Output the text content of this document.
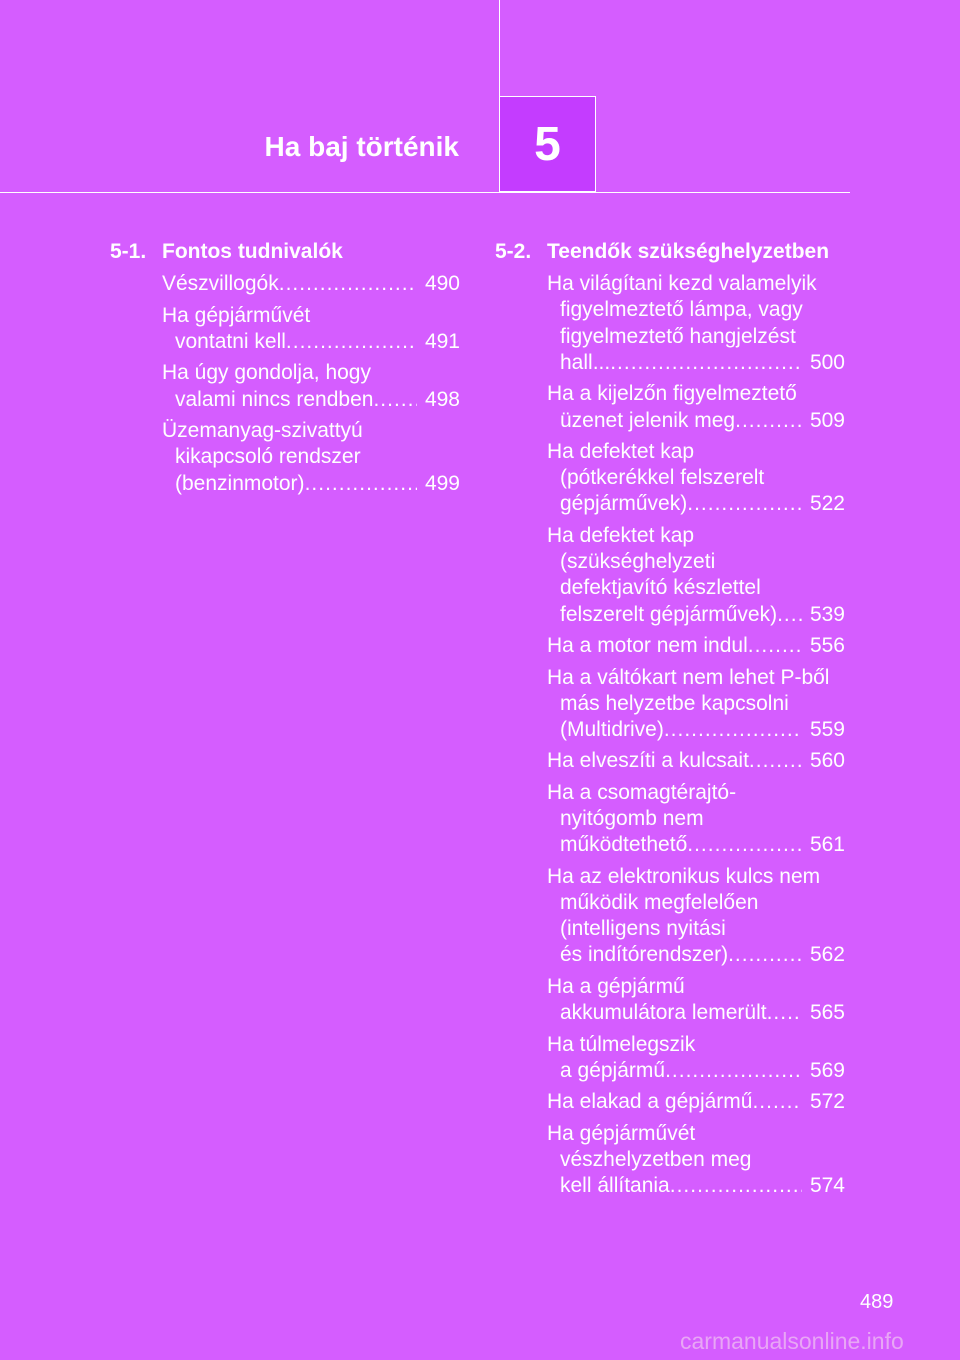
5
Ha baj történik
5-1. Fontos tudnivalók
Vészvillogók .....	490
Ha gépjárművét
vontatni kell .....	491
Ha úgy gondolja, hogy
valami nincs rendben .....	498
Üzemanyag-szivattyú
kikapcsoló rendszer
(benzinmotor) .....	499
5-2. Teendők szükséghelyzetben
Ha világítani kezd valamelyik
figyelmeztető lámpa, vagy
figyelmeztető hangjelzést
hall... .....	500
Ha a kijelzőn figyelmeztető
üzenet jelenik meg .....	509
Ha defektet kap
(pótkerékkel felszerelt
gépjárművek) .....	522
Ha defektet kap
(szükséghelyzeti
defektjavító készlettel
felszerelt gépjárművek) .....	539
Ha a motor nem indul .....	556
Ha a váltókart nem lehet P-ből
más helyzetbe kapcsolni
(Multidrive) .....	559
Ha elveszíti a kulcsait .....	560
Ha a csomagtérajtó-
nyitógomb nem
működtethető .....	561
Ha az elektronikus kulcs nem
működik megfelelően
(intelligens nyitási
és indítórendszer) .....	562
Ha a gépjármű
akkumulátora lemerült .....	565
Ha túlmelegszik
a gépjármű .....	569
Ha elakad a gépjármű .....	572
Ha gépjárművét
vészhelyzetben meg
kell állítania .....	574
489
carmanualsonline.info
